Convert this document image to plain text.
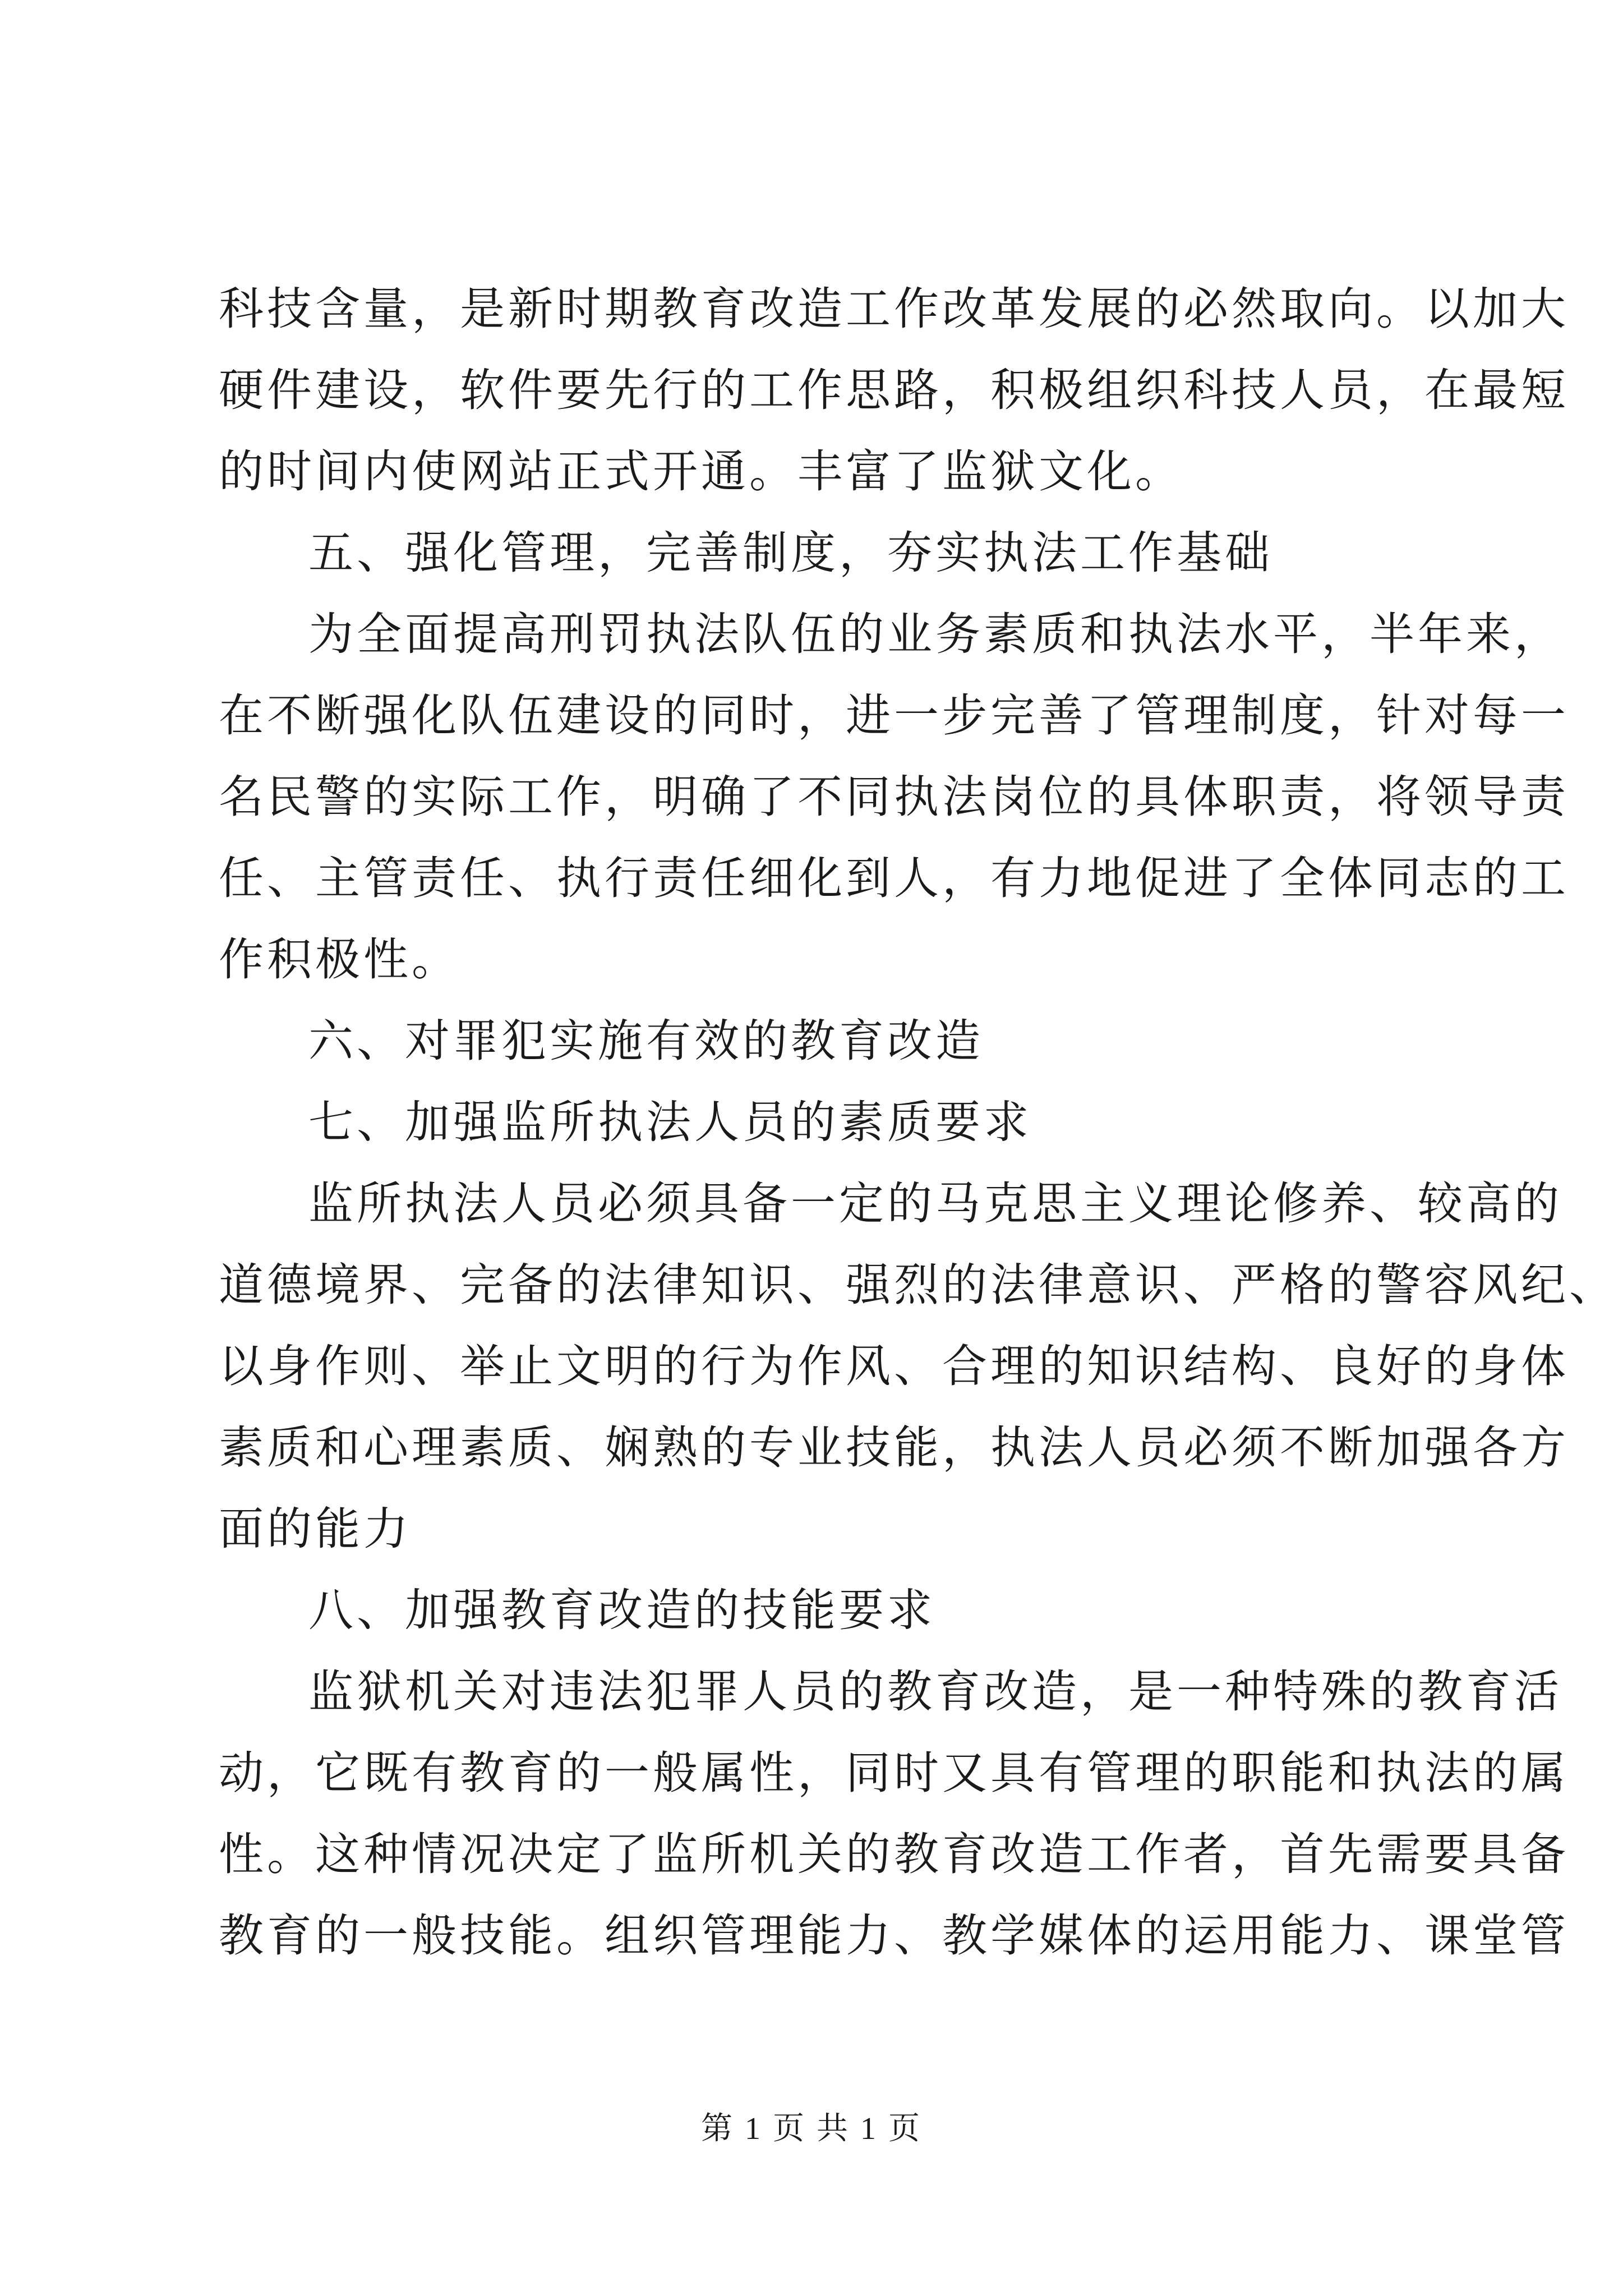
科技含量，是新时期教育改造工作改革发展的必然取向。以加大
硬件建设，软件要先行的工作思路，积极组织科技人员，在最短
的时间内使网站正式开通。丰富了监狱文化。
五、强化管理，完善制度，夯实执法工作基础
为全面提高刑罚执法队伍的业务素质和执法水平，半年来，
在不断强化队伍建设的同时，进一步完善了管理制度，针对每一
名民警的实际工作，明确了不同执法岗位的具体职责，将领导责
任、主管责任、执行责任细化到人，有力地促进了全体同志的工
作积极性。
六、对罪犯实施有效的教育改造
七、加强监所执法人员的素质要求
监所执法人员必须具备一定的马克思主义理论修养、较高的
道德境界、完备的法律知识、强烈的法律意识、严格的警容风纪、
以身作则、举止文明的行为作风、合理的知识结构、良好的身体
素质和心理素质、娴熟的专业技能，执法人员必须不断加强各方
面的能力
八、加强教育改造的技能要求
监狱机关对违法犯罪人员的教育改造，是一种特殊的教育活
动，它既有教育的一般属性，同时又具有管理的职能和执法的属
性。这种情况决定了监所机关的教育改造工作者，首先需要具备
教育的一般技能。组织管理能力、教学媒体的运用能力、课堂管
第 1 页 共 1 页
